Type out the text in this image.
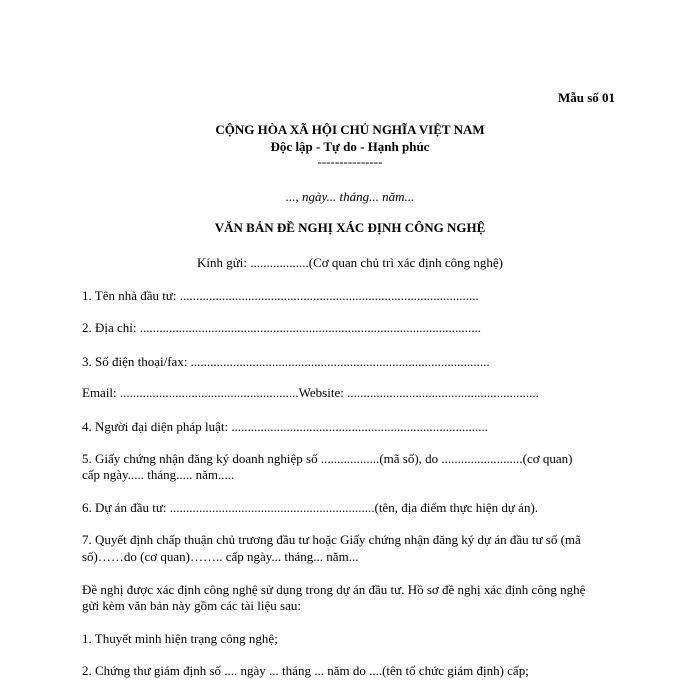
Mẫu số 01
CỘNG HÒA XÃ HỘI CHỦ NGHĨA VIỆT NAM
Độc lập - Tự do - Hạnh phúc
---------------
..., ngày... tháng... năm...
VĂN BẢN ĐỀ NGHỊ XÁC ĐỊNH CÔNG NGHỆ
Kính gửi: ..................(Cơ quan chủ trì xác định công nghệ)
1. Tên nhà đầu tư: ............................................................................................
2. Địa chỉ: .........................................................................................................
3. Số điện thoại/fax: ............................................................................................
Email: .......................................................Website: ...........................................................
4. Người đại diện pháp luật: ...............................................................................
5. Giấy chứng nhận đăng ký doanh nghiệp số ..................(mã số), do .........................(cơ quan)
cấp ngày..... tháng..... năm.....
6. Dự án đầu tư: ...............................................................(tên, địa điểm thực hiện dự án).
7. Quyết định chấp thuận chủ trương đầu tư hoặc Giấy chứng nhận đăng ký dự án đầu tư số (mã
số)……do (cơ quan)…….. cấp ngày... tháng... năm...
Đề nghị được xác định công nghệ sử dụng trong dự án đầu tư. Hồ sơ đề nghị xác định công nghệ
gửi kèm văn bản này gồm các tài liệu sau:
1. Thuyết minh hiện trạng công nghệ;
2. Chứng thư giám định số .... ngày ... tháng ... năm do ....(tên tổ chức giám định) cấp;
